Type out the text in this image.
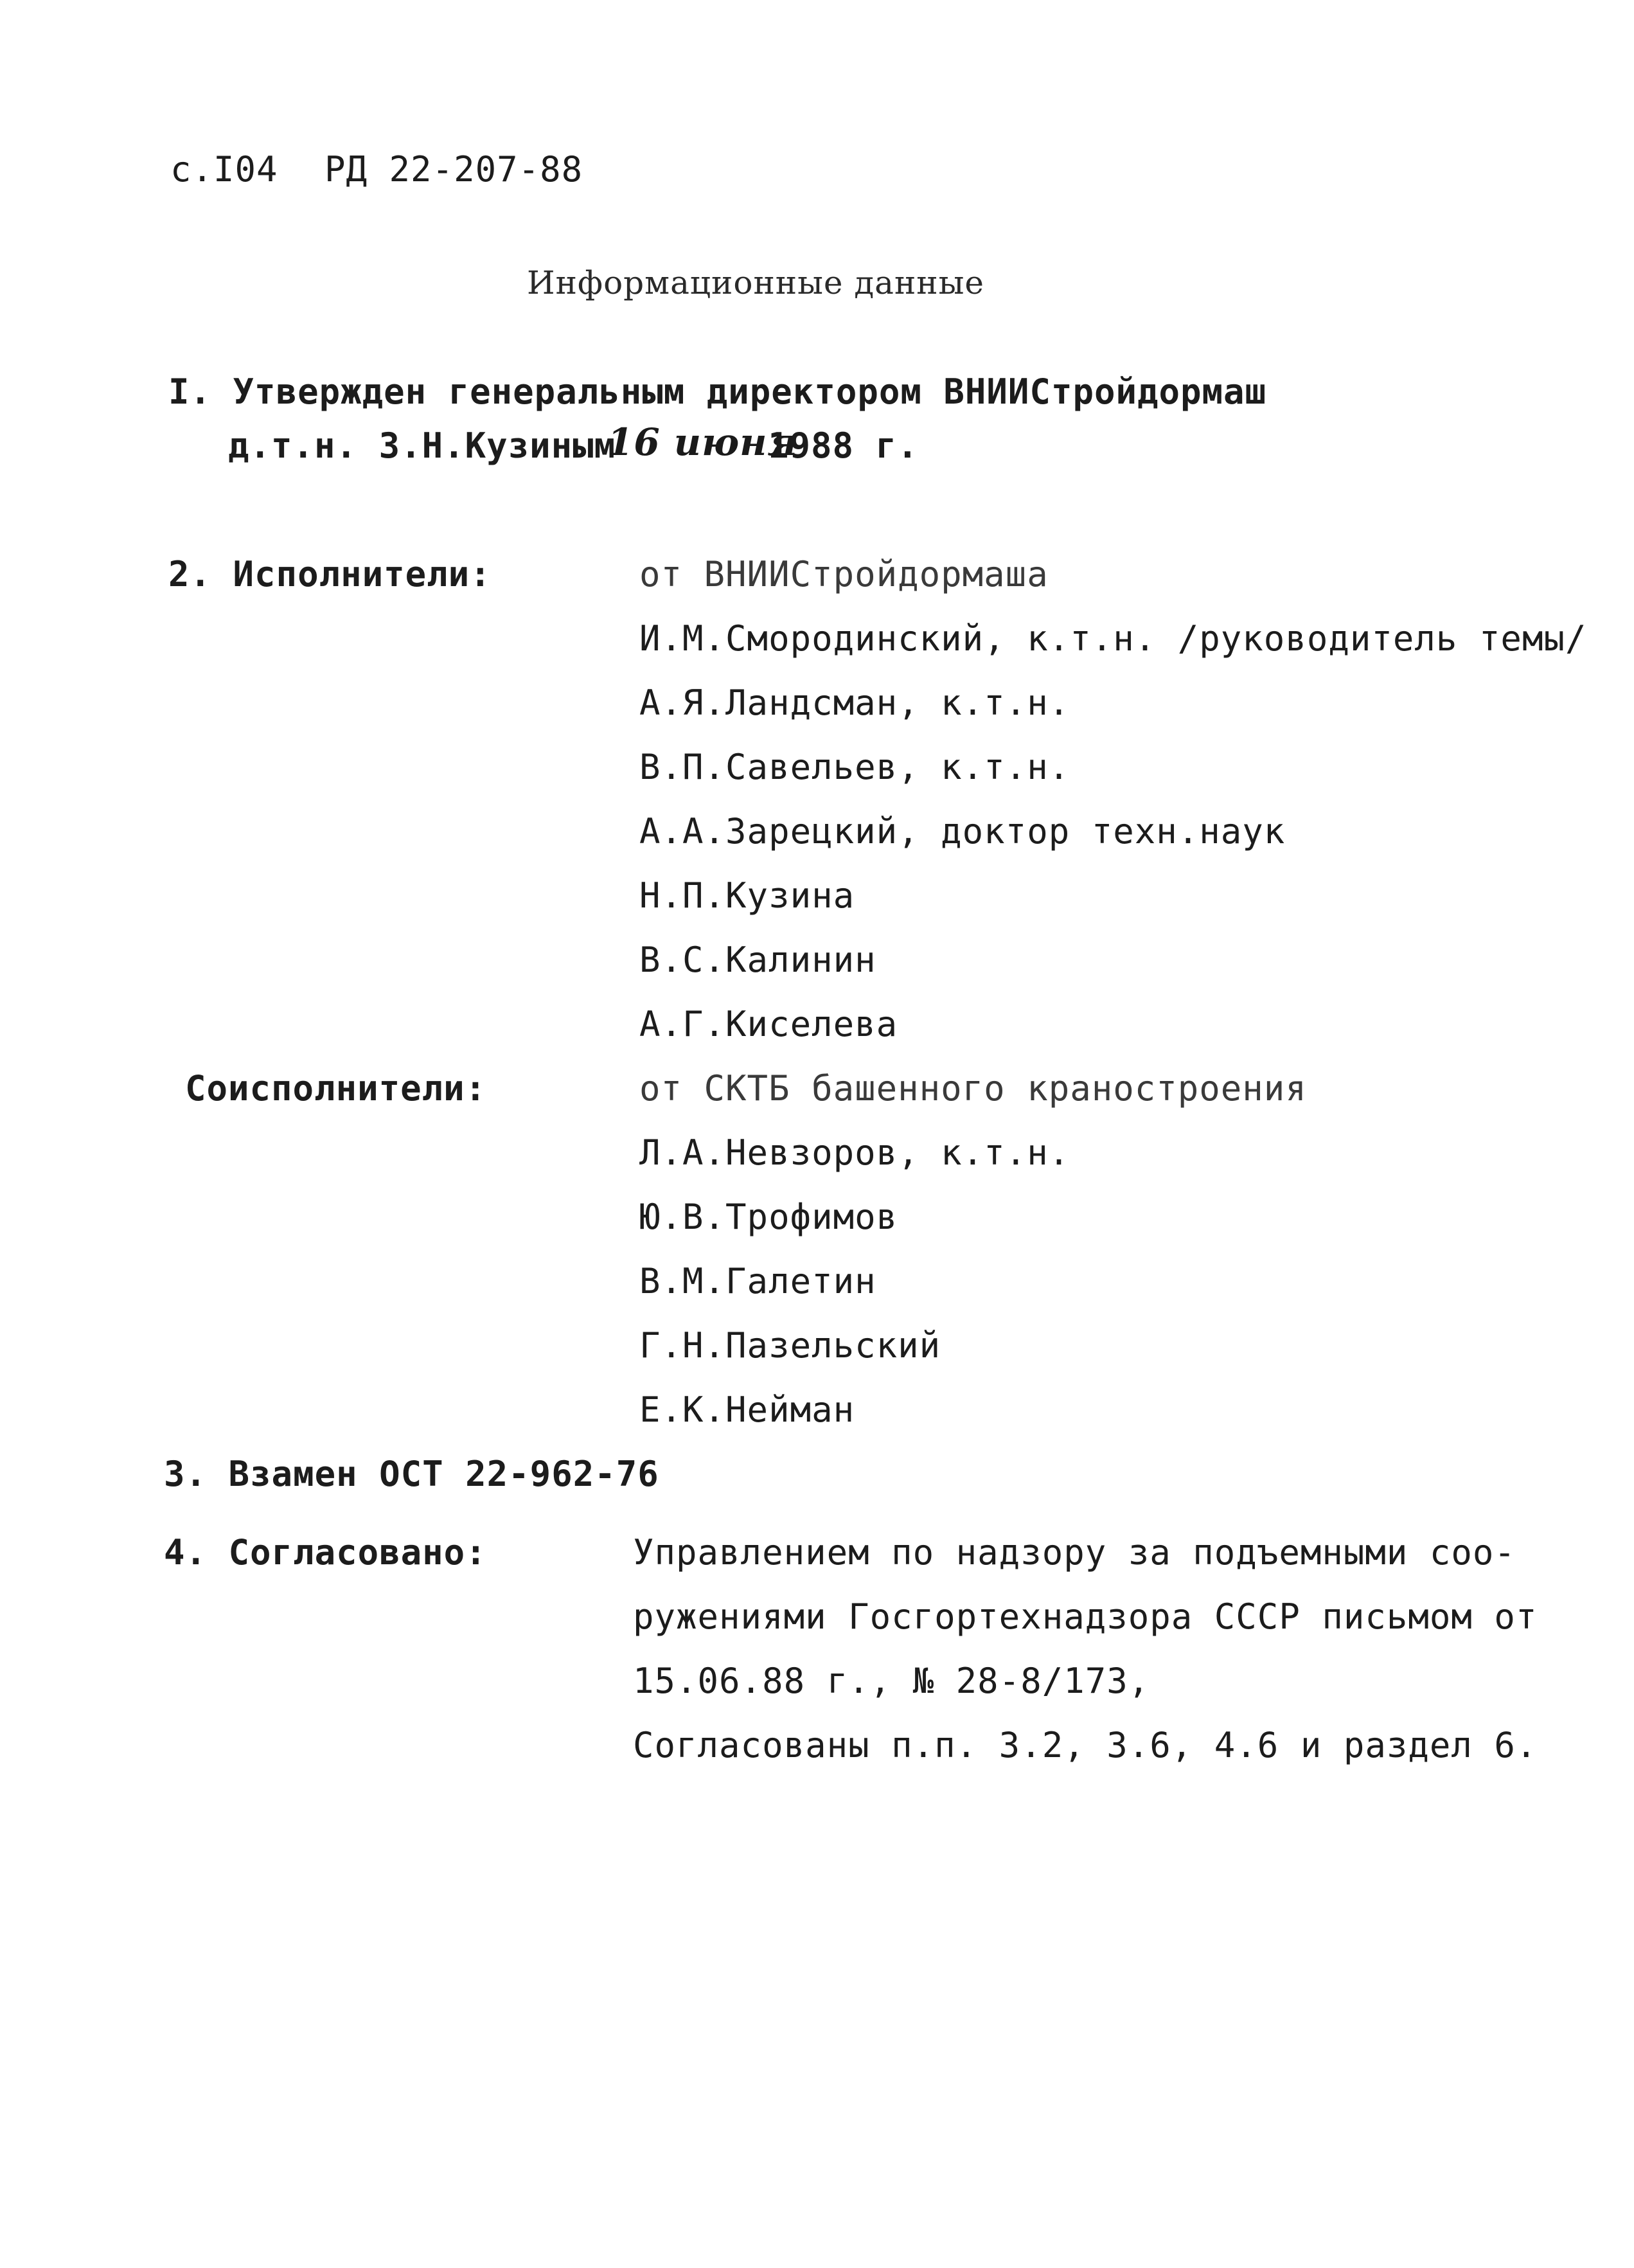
с.I04 РД 22-207-88
Информационные данные
I. Утвержден генеральным директором ВНИИСтройдормаш
д.т.н. З.Н.Кузиным
16 июня
1988 г.
2. Исполнители:	от ВНИИСтройдормаша
И.М.Смородинский, к.т.н. /руководитель темы/
А.Я.Ландсман, к.т.н.
В.П.Савельев, к.т.н.
А.А.Зарецкий, доктор техн.наук
Н.П.Кузина
В.С.Калинин
А.Г.Киселева
Соисполнители:	от СКТБ башенного краностроения
Л.А.Невзоров, к.т.н.
Ю.В.Трофимов
В.М.Галетин
Г.Н.Пазельский
Е.К.Нейман
3. Взамен ОСТ 22-962-76
4. Согласовано:	Управлением по надзору за подъемными соо-
ружениями Госгортехнадзора СССР письмом от
15.06.88 г., № 28-8/173,
Согласованы п.п. 3.2, 3.6, 4.6 и раздел 6.
